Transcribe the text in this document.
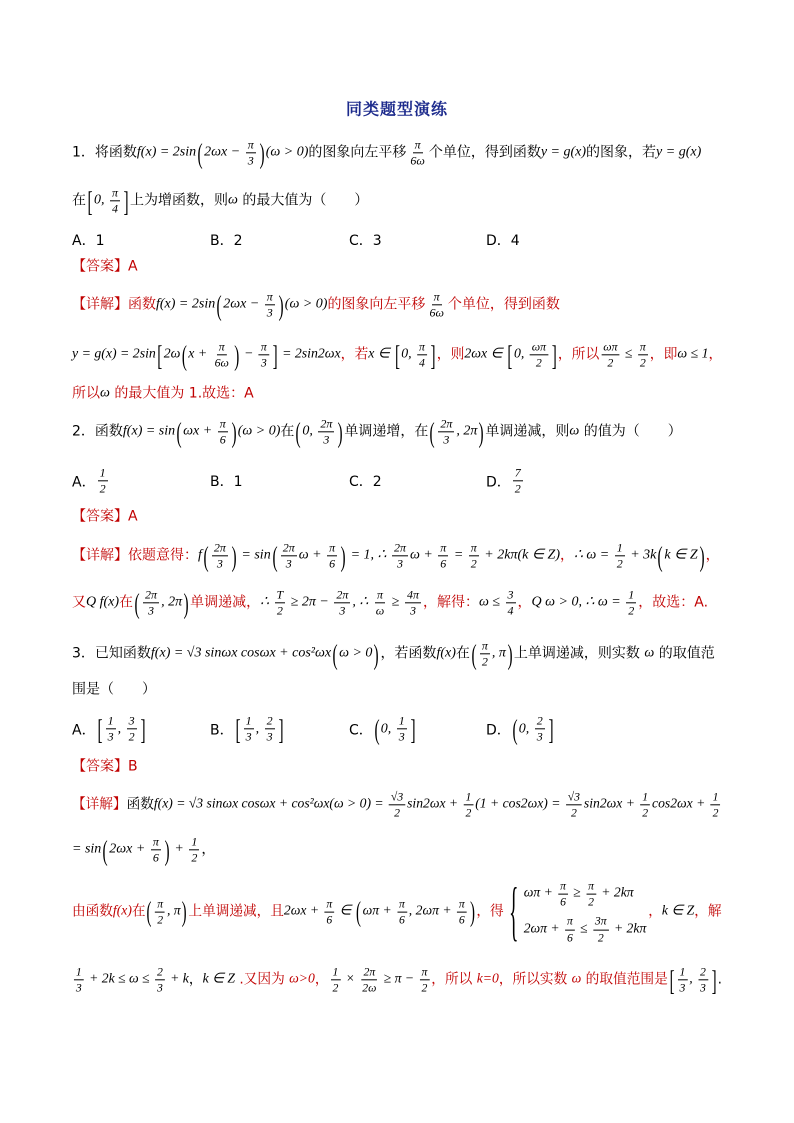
同类题型演练
1．将函数 f(x) = 2sin ( $2\omega x - \frac{\pi}{3}$ ) (ω > 0) 的图象向左平移 $\frac{\pi}{6\omega}$ 个单位，得到函数 y = g(x) 的图象，若 y = g(x)
在 [ 0, $\frac{\pi}{4}$ ] 上为增函数，则 ω 的最大值为（　　）
A．1	B．2	C．3	D．4
【答案】A
【详解】 函数 f(x) = 2sin ( $2\omega x - \frac{\pi}{3}$ ) (ω > 0) 的图象向左平移 $\frac{\pi}{6\omega}$ 个单位，得到函数
y = g(x) = 2sin [ 2ω ( $x + \frac{\pi}{6\omega}$ ) − $\frac{\pi}{3}$ ] = 2sin2ωx ，若 x ∈ [ 0, $\frac{\pi}{4}$ ] ，则 2ωx ∈ [ 0, $\frac{\omega\pi}{2}$ ] ，所以 $\frac{\omega\pi}{2} \le \frac{\pi}{2}$ ，即 ω ≤ 1 ，
所以 ω 的最大值为 1.故选：A
2．函数 f(x) = sin ( $\omega x + \frac{\pi}{6}$ ) (ω > 0) 在 ( 0, $\frac{2\pi}{3}$ ) 单调递增，在 ( $\frac{2\pi}{3}$ , 2π ) 单调递减，则 ω 的值为（　　）
A． $\frac{1}{2}$	B．1	C．2	D． $\frac{7}{2}$
【答案】A
【详解】 依题意得： f ( $\frac{2\pi}{3}$ ) = sin ( $\frac{2\pi}{3}$ $\omega + \frac{\pi}{6}$ ) = 1, ∴ $\frac{2\pi}{3}$ $\omega + \frac{\pi}{6} = \frac{\pi}{2} + 2k\pi(k$ ∈ Z) ， ∴ $\omega = \frac{1}{2} + 3k$ ( k ∈ Z ) ，
又 Q f(x) 在 ( $\frac{2\pi}{3}$ , 2π ) 单调递减， ∴ $\frac{T}{2} \ge 2\pi - \frac{2\pi}{3}$ , ∴ $\frac{\pi}{\omega} \ge \frac{4\pi}{3}$ ，解得： $\omega \le \frac{3}{4}$ ， Q ω > 0, ∴ $\omega = \frac{1}{2}$ ，故选：A.
3．已知函数 f(x) = √3 sinωx cosωx + cos²ωx ( ω > 0 ) ，若函数 f(x) 在 ( $\frac{\pi}{2}$ , π ) 上单调递减，则实数 ω 的取值范
围是（　　）
A． [ $\frac{1}{3}$ , $\frac{3}{2}$ ]	B． [ $\frac{1}{3}$ , $\frac{2}{3}$ ]	C． ( 0, $\frac{1}{3}$ ]	D． ( 0, $\frac{2}{3}$ ]
【答案】B
【详解】 函数 f(x) = √3 sinωx $\cos\omega x + \cos^2\omega x(\omega > 0) = \frac{√3}{2} \sin 2\omega x + \frac{1}{2} (1 + \cos 2\omega x) = \frac{√3}{2} \sin 2\omega x + \frac{1}{2} \cos 2\omega x + \frac{1}{2}$
= sin ( $2\omega x + \frac{\pi}{6}$ ) + $\frac{1}{2}$ ，
由函数 f(x) 在 ( $\frac{\pi}{2}$ , π ) 上单调递减，且 $2\omega x + \frac{\pi}{6}$ ∈ ( $\omega\pi + \frac{\pi}{6}$ , $2\omega\pi + \frac{\pi}{6}$ ) ，得 { $\omega\pi + \frac{\pi}{6} \ge \frac{\pi}{2} + 2k\pi$
$2\omega\pi + \frac{\pi}{6} \le \frac{3\pi}{2} + 2k\pi$
， k ∈ Z ，解
$\frac{1}{3} + 2k \le \omega \le \frac{2}{3} + k$ ， k ∈ Z .又因为 ω>0 ， $\frac{1}{2} \times \frac{2\pi}{2\omega} \ge \pi - \frac{\pi}{2}$ ，所以 k=0 ，所以实数 ω 的取值范围是 [ $\frac{1}{3}$ , $\frac{2}{3}$ ] .
